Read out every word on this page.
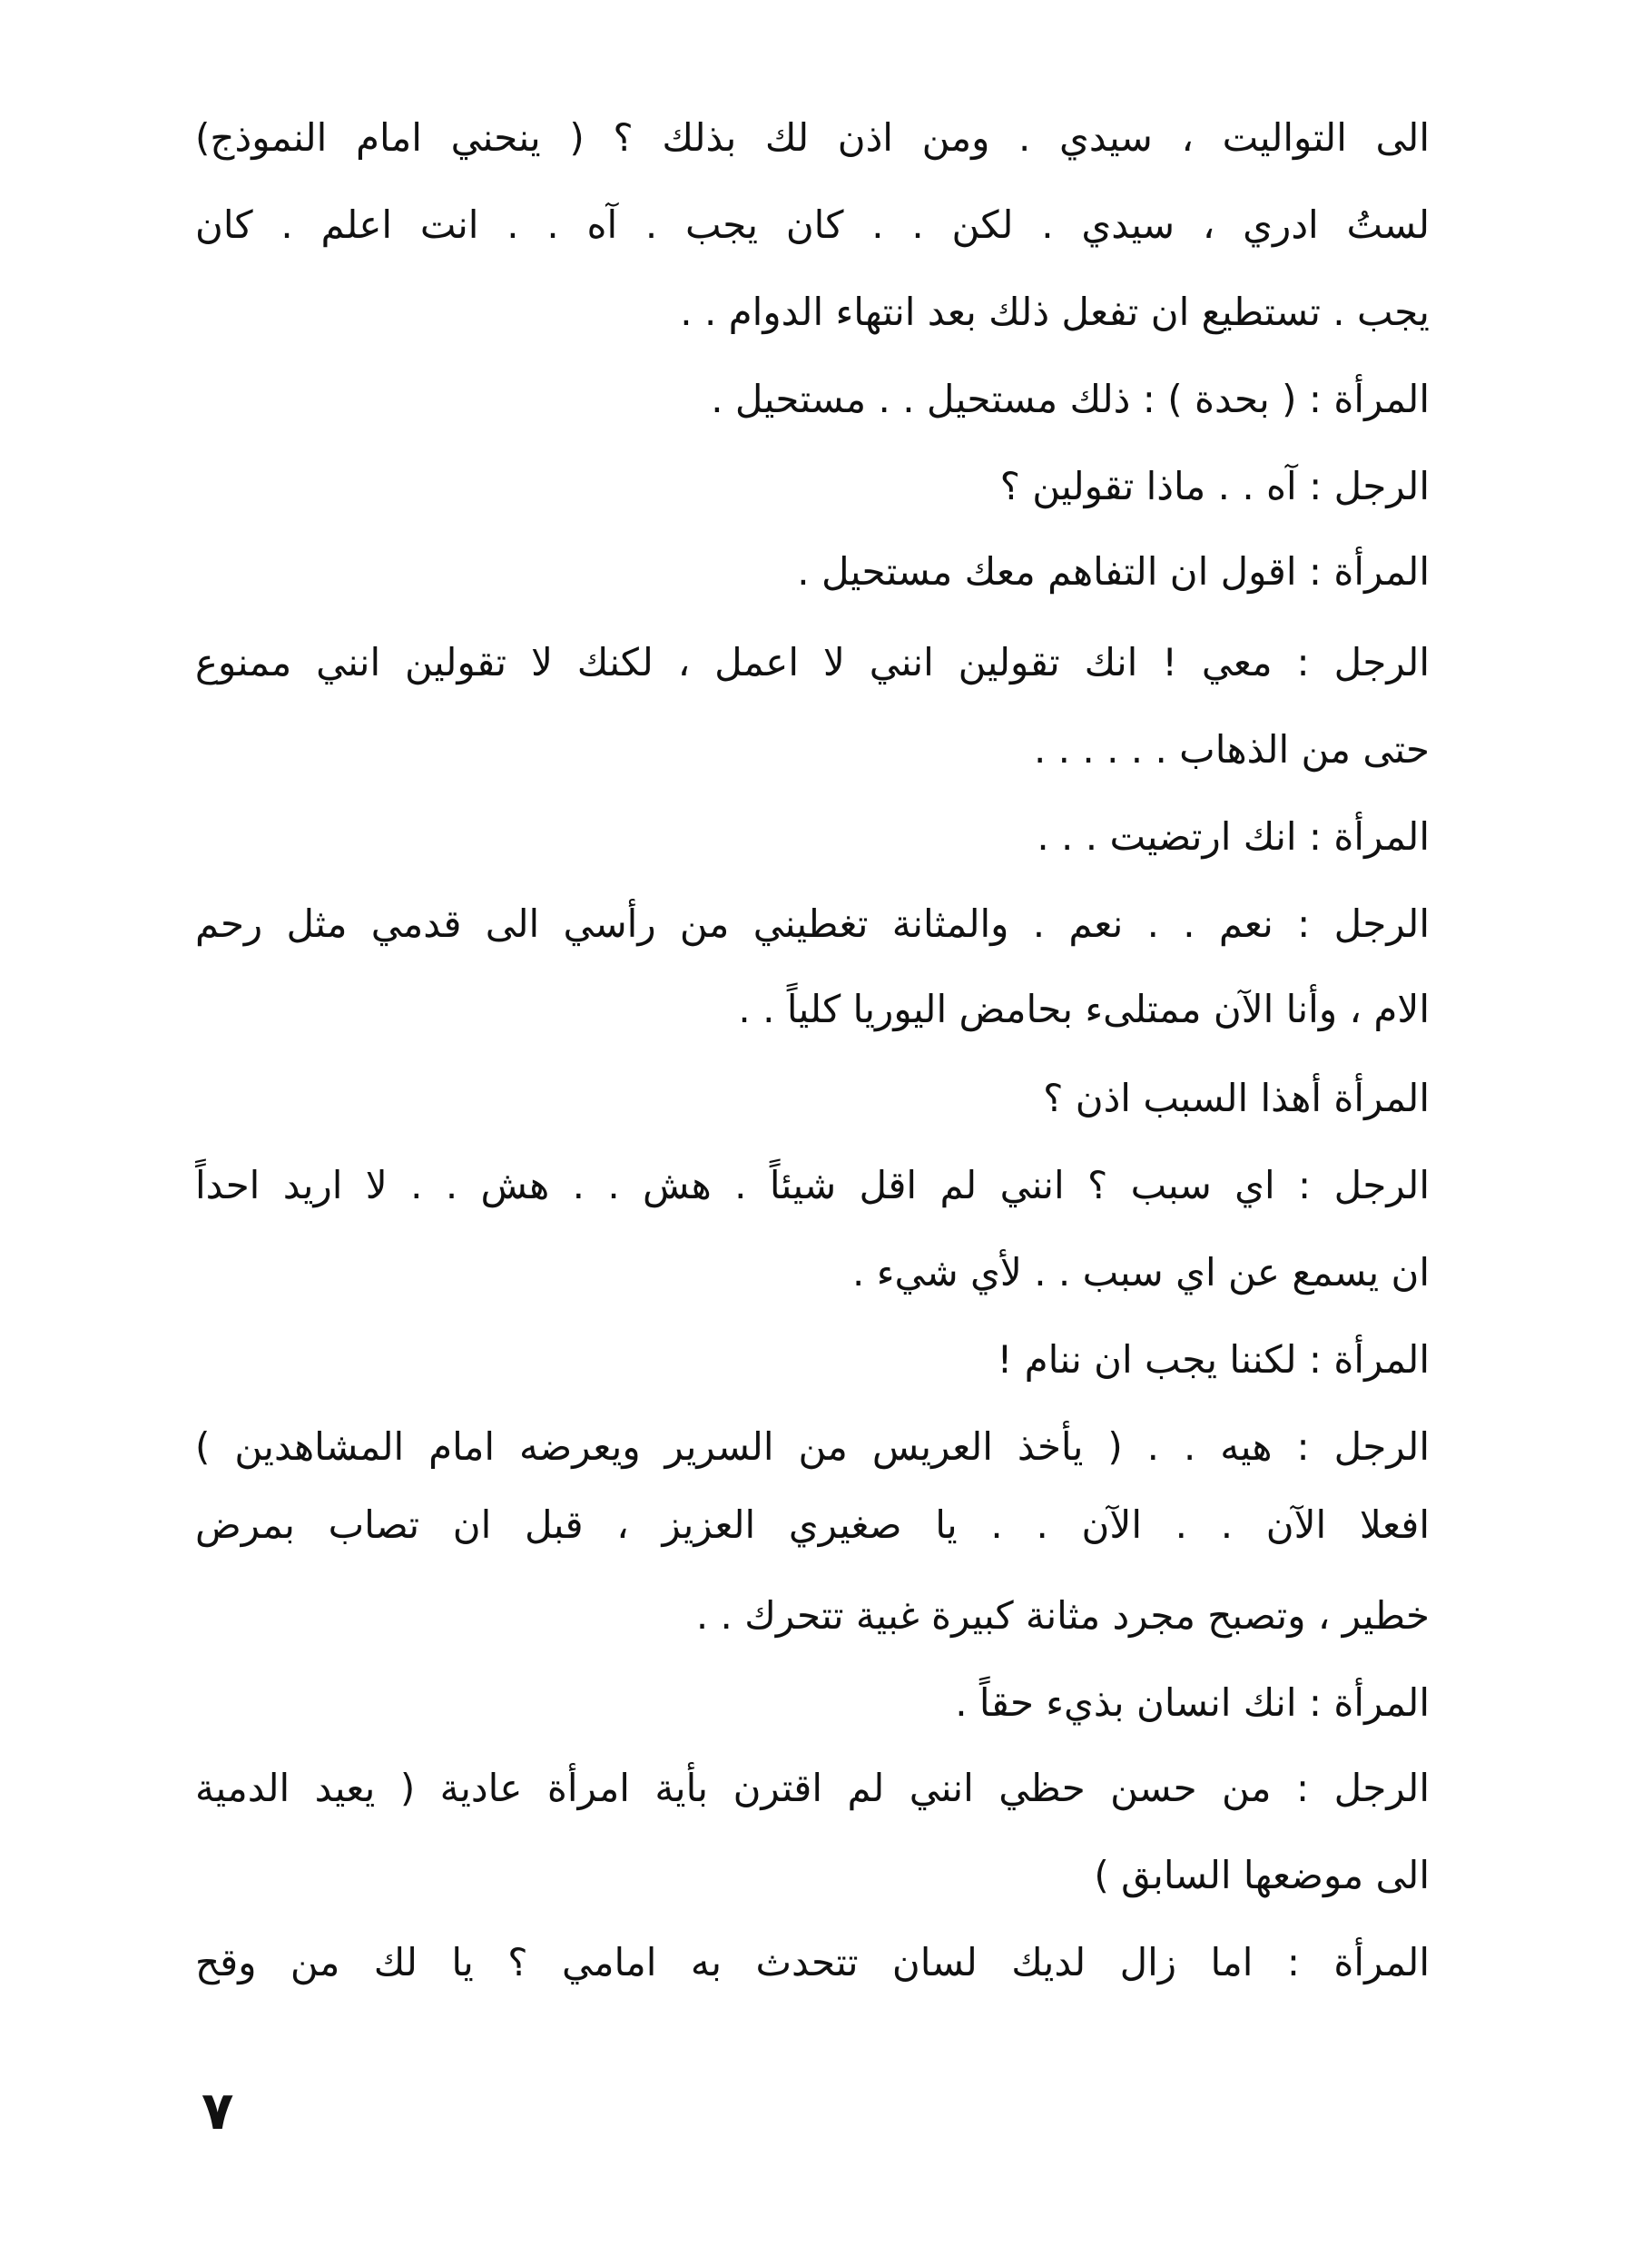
الى التواليت ، سيدي . ومن اذن لك بذلك ؟ ( ينحني امام النموذج)
لستُ ادري ، سيدي . لكن . . كان يجب . آه . . انت اعلم . كان
يجب . تستطيع ان تفعل ذلك بعد انتهاء الدوام . .
المرأة : ( بحدة ) : ذلك مستحيل . . مستحيل .
الرجل : آه . . ماذا تقولين ؟
المرأة : اقول ان التفاهم معك مستحيل .
الرجل : معي ! انك تقولين انني لا اعمل ، لكنك لا تقولين انني ممنوع
حتى من الذهاب . . . . . .
المرأة : انك ارتضيت . . .
الرجل : نعم . . نعم . والمثانة تغطيني من رأسي الى قدمي مثل رحم
الام ، وأنا الآن ممتلىء بحامض اليوريا كلياً . .
المرأة أهذا السبب اذن ؟
الرجل : اي سبب ؟ انني لم اقل شيئاً . هش . . هش . . لا اريد احداً
ان يسمع عن اي سبب . . لأي شيء .
المرأة : لكننا يجب ان ننام !
الرجل : هيه . . ( يأخذ العريس من السرير ويعرضه امام المشاهدين )
افعلا الآن . . الآن . . يا صغيري العزيز ، قبل ان تصاب بمرض
خطير ، وتصبح مجرد مثانة كبيرة غبية تتحرك . .
المرأة : انك انسان بذيء حقاً .
الرجل : من حسن حظي انني لم اقترن بأية امرأة عادية ( يعيد الدمية
الى موضعها السابق )
المرأة : اما زال لديك لسان تتحدث به امامي ؟ يا لك من وقح
٧
